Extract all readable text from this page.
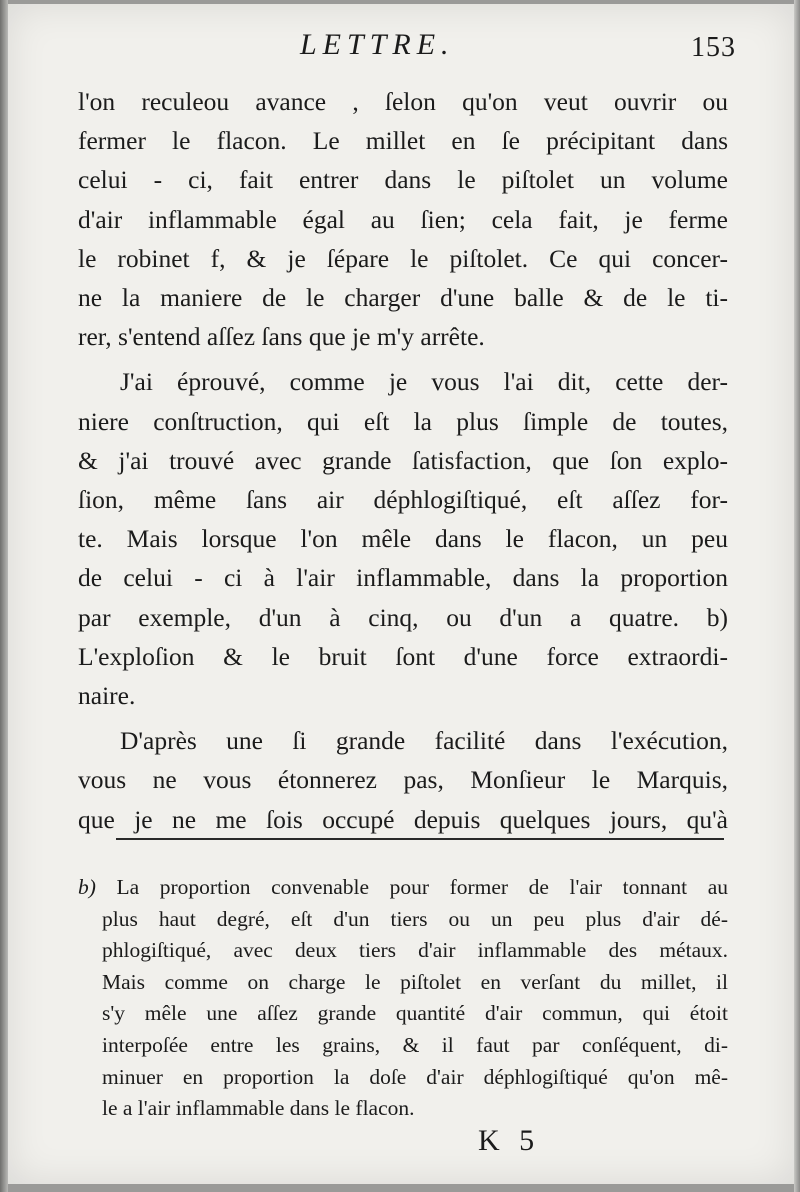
LETTRE.	153
l'on reculeou avance , ſelon qu'on veut ouvrir ou
fermer le flacon. Le millet en ſe précipitant dans
celui - ci, fait entrer dans le piſtolet un volume
d'air inflammable égal au ſien; cela fait, je ferme
le robinet f, & je ſépare le piſtolet. Ce qui concer-
ne la maniere de le charger d'une balle & de le ti-
rer, s'entend aſſez ſans que je m'y arrête.
J'ai éprouvé, comme je vous l'ai dit, cette der-
niere conſtruction, qui eſt la plus ſimple de toutes,
& j'ai trouvé avec grande ſatisfaction, que ſon explo-
ſion, même ſans air déphlogiſtiqué, eſt aſſez for-
te. Mais lorsque l'on mêle dans le flacon, un peu
de celui - ci à l'air inflammable, dans la proportion
par exemple, d'un à cinq, ou d'un a quatre. b)
L'exploſion & le bruit ſont d'une force extraordi-
naire.
D'après une ſi grande facilité dans l'exécution,
vous ne vous étonnerez pas, Monſieur le Marquis,
que je ne me ſois occupé depuis quelques jours, qu'à
b) La proportion convenable pour former de l'air tonnant au
plus haut degré, eſt d'un tiers ou un peu plus d'air dé-
phlogiſtiqué, avec deux tiers d'air inflammable des métaux.
Mais comme on charge le piſtolet en verſant du millet, il
s'y mêle une aſſez grande quantité d'air commun, qui étoit
interpoſée entre les grains, & il faut par conſéquent, di-
minuer en proportion la doſe d'air déphlogiſtiqué qu'on mê-
le a l'air inflammable dans le flacon.
K 5
